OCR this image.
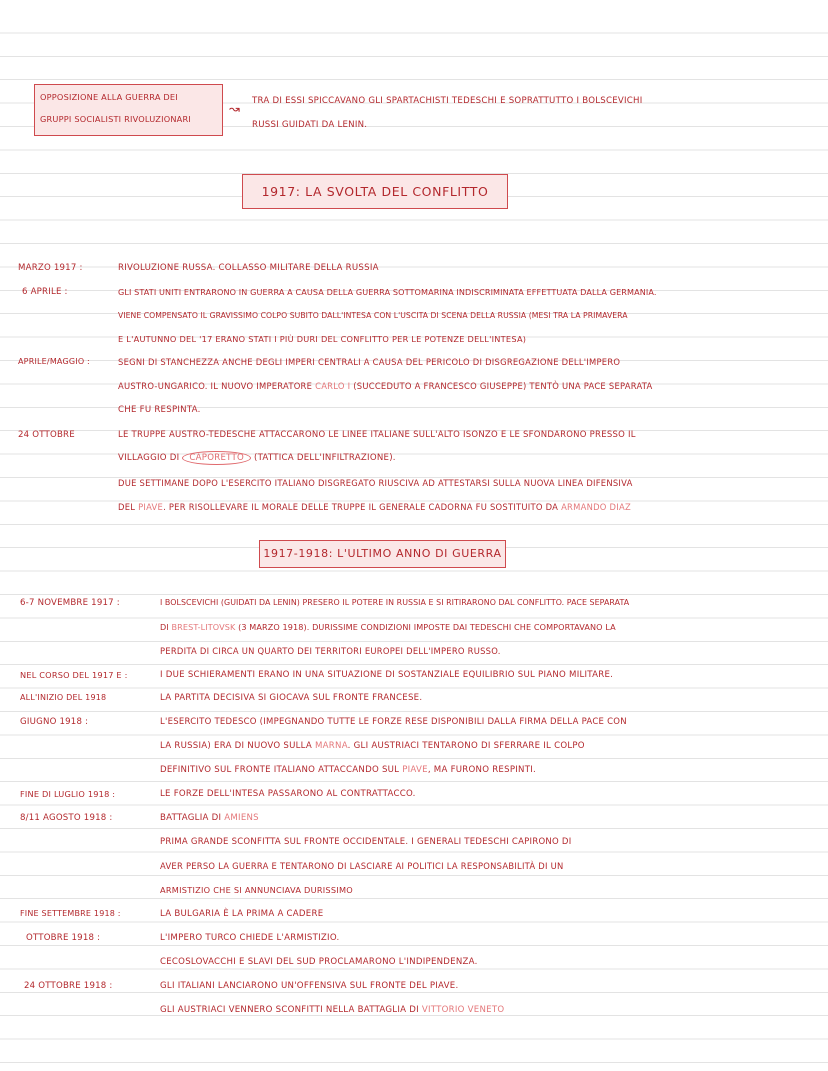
OPPOSIZIONE ALLA GUERRA DEI
GRUPPI SOCIALISTI RIVOLUZIONARI
↝
TRA DI ESSI SPICCAVANO GLI SPARTACHISTI TEDESCHI E SOPRATTUTTO I BOLSCEVICHI
RUSSI GUIDATI DA LENIN.
1917: LA SVOLTA DEL CONFLITTO
MARZO 1917 :	RIVOLUZIONE RUSSA. COLLASSO MILITARE DELLA RUSSIA
6 APRILE :	GLI STATI UNITI ENTRARONO IN GUERRA A CAUSA DELLA GUERRA SOTTOMARINA INDISCRIMINATA EFFETTUATA DALLA GERMANIA.
VIENE COMPENSATO IL GRAVISSIMO COLPO SUBITO DALL'INTESA CON L'USCITA DI SCENA DELLA RUSSIA (MESI TRA LA PRIMAVERA
E L'AUTUNNO DEL '17 ERANO STATI I PIÙ DURI DEL CONFLITTO PER LE POTENZE DELL'INTESA)
APRILE/MAGGIO :	SEGNI DI STANCHEZZA ANCHE DEGLI IMPERI CENTRALI A CAUSA DEL PERICOLO DI DISGREGAZIONE DELL'IMPERO
AUSTRO-UNGARICO. IL NUOVO IMPERATORE CARLO I (SUCCEDUTO A FRANCESCO GIUSEPPE) TENTÒ UNA PACE SEPARATA
CHE FU RESPINTA.
24 OTTOBRE	LE TRUPPE AUSTRO-TEDESCHE ATTACCARONO LE LINEE ITALIANE SULL'ALTO ISONZO E LE SFONDARONO PRESSO IL
VILLAGGIO DI CAPORETTO (TATTICA DELL'INFILTRAZIONE).
DUE SETTIMANE DOPO L'ESERCITO ITALIANO DISGREGATO RIUSCIVA AD ATTESTARSI SULLA NUOVA LINEA DIFENSIVA
DEL PIAVE. PER RISOLLEVARE IL MORALE DELLE TRUPPE IL GENERALE CADORNA FU SOSTITUITO DA ARMANDO DIAZ
1917-1918: L'ULTIMO ANNO DI GUERRA
6-7 NOVEMBRE 1917 :	I BOLSCEVICHI (GUIDATI DA LENIN) PRESERO IL POTERE IN RUSSIA E SI RITIRARONO DAL CONFLITTO. PACE SEPARATA
DI BREST-LITOVSK (3 MARZO 1918). DURISSIME CONDIZIONI IMPOSTE DAI TEDESCHI CHE COMPORTAVANO LA
PERDITA DI CIRCA UN QUARTO DEI TERRITORI EUROPEI DELL'IMPERO RUSSO.
NEL CORSO DEL 1917 E :	I DUE SCHIERAMENTI ERANO IN UNA SITUAZIONE DI SOSTANZIALE EQUILIBRIO SUL PIANO MILITARE.
ALL'INIZIO DEL 1918	LA PARTITA DECISIVA SI GIOCAVA SUL FRONTE FRANCESE.
GIUGNO 1918 :	L'ESERCITO TEDESCO (IMPEGNANDO TUTTE LE FORZE RESE DISPONIBILI DALLA FIRMA DELLA PACE CON
LA RUSSIA) ERA DI NUOVO SULLA MARNA. GLI AUSTRIACI TENTARONO DI SFERRARE IL COLPO
DEFINITIVO SUL FRONTE ITALIANO ATTACCANDO SUL PIAVE, MA FURONO RESPINTI.
FINE DI LUGLIO 1918 :	LE FORZE DELL'INTESA PASSARONO AL CONTRATTACCO.
8/11 AGOSTO 1918 :	BATTAGLIA DI AMIENS
PRIMA GRANDE SCONFITTA SUL FRONTE OCCIDENTALE. I GENERALI TEDESCHI CAPIRONO DI
AVER PERSO LA GUERRA E TENTARONO DI LASCIARE AI POLITICI LA RESPONSABILITÀ DI UN
ARMISTIZIO CHE SI ANNUNCIAVA DURISSIMO
FINE SETTEMBRE 1918 :	LA BULGARIA È LA PRIMA A CADERE
OTTOBRE 1918 :	L'IMPERO TURCO CHIEDE L'ARMISTIZIO.
CECOSLOVACCHI E SLAVI DEL SUD PROCLAMARONO L'INDIPENDENZA.
24 OTTOBRE 1918 :	GLI ITALIANI LANCIARONO UN'OFFENSIVA SUL FRONTE DEL PIAVE.
GLI AUSTRIACI VENNERO SCONFITTI NELLA BATTAGLIA DI VITTORIO VENETO
